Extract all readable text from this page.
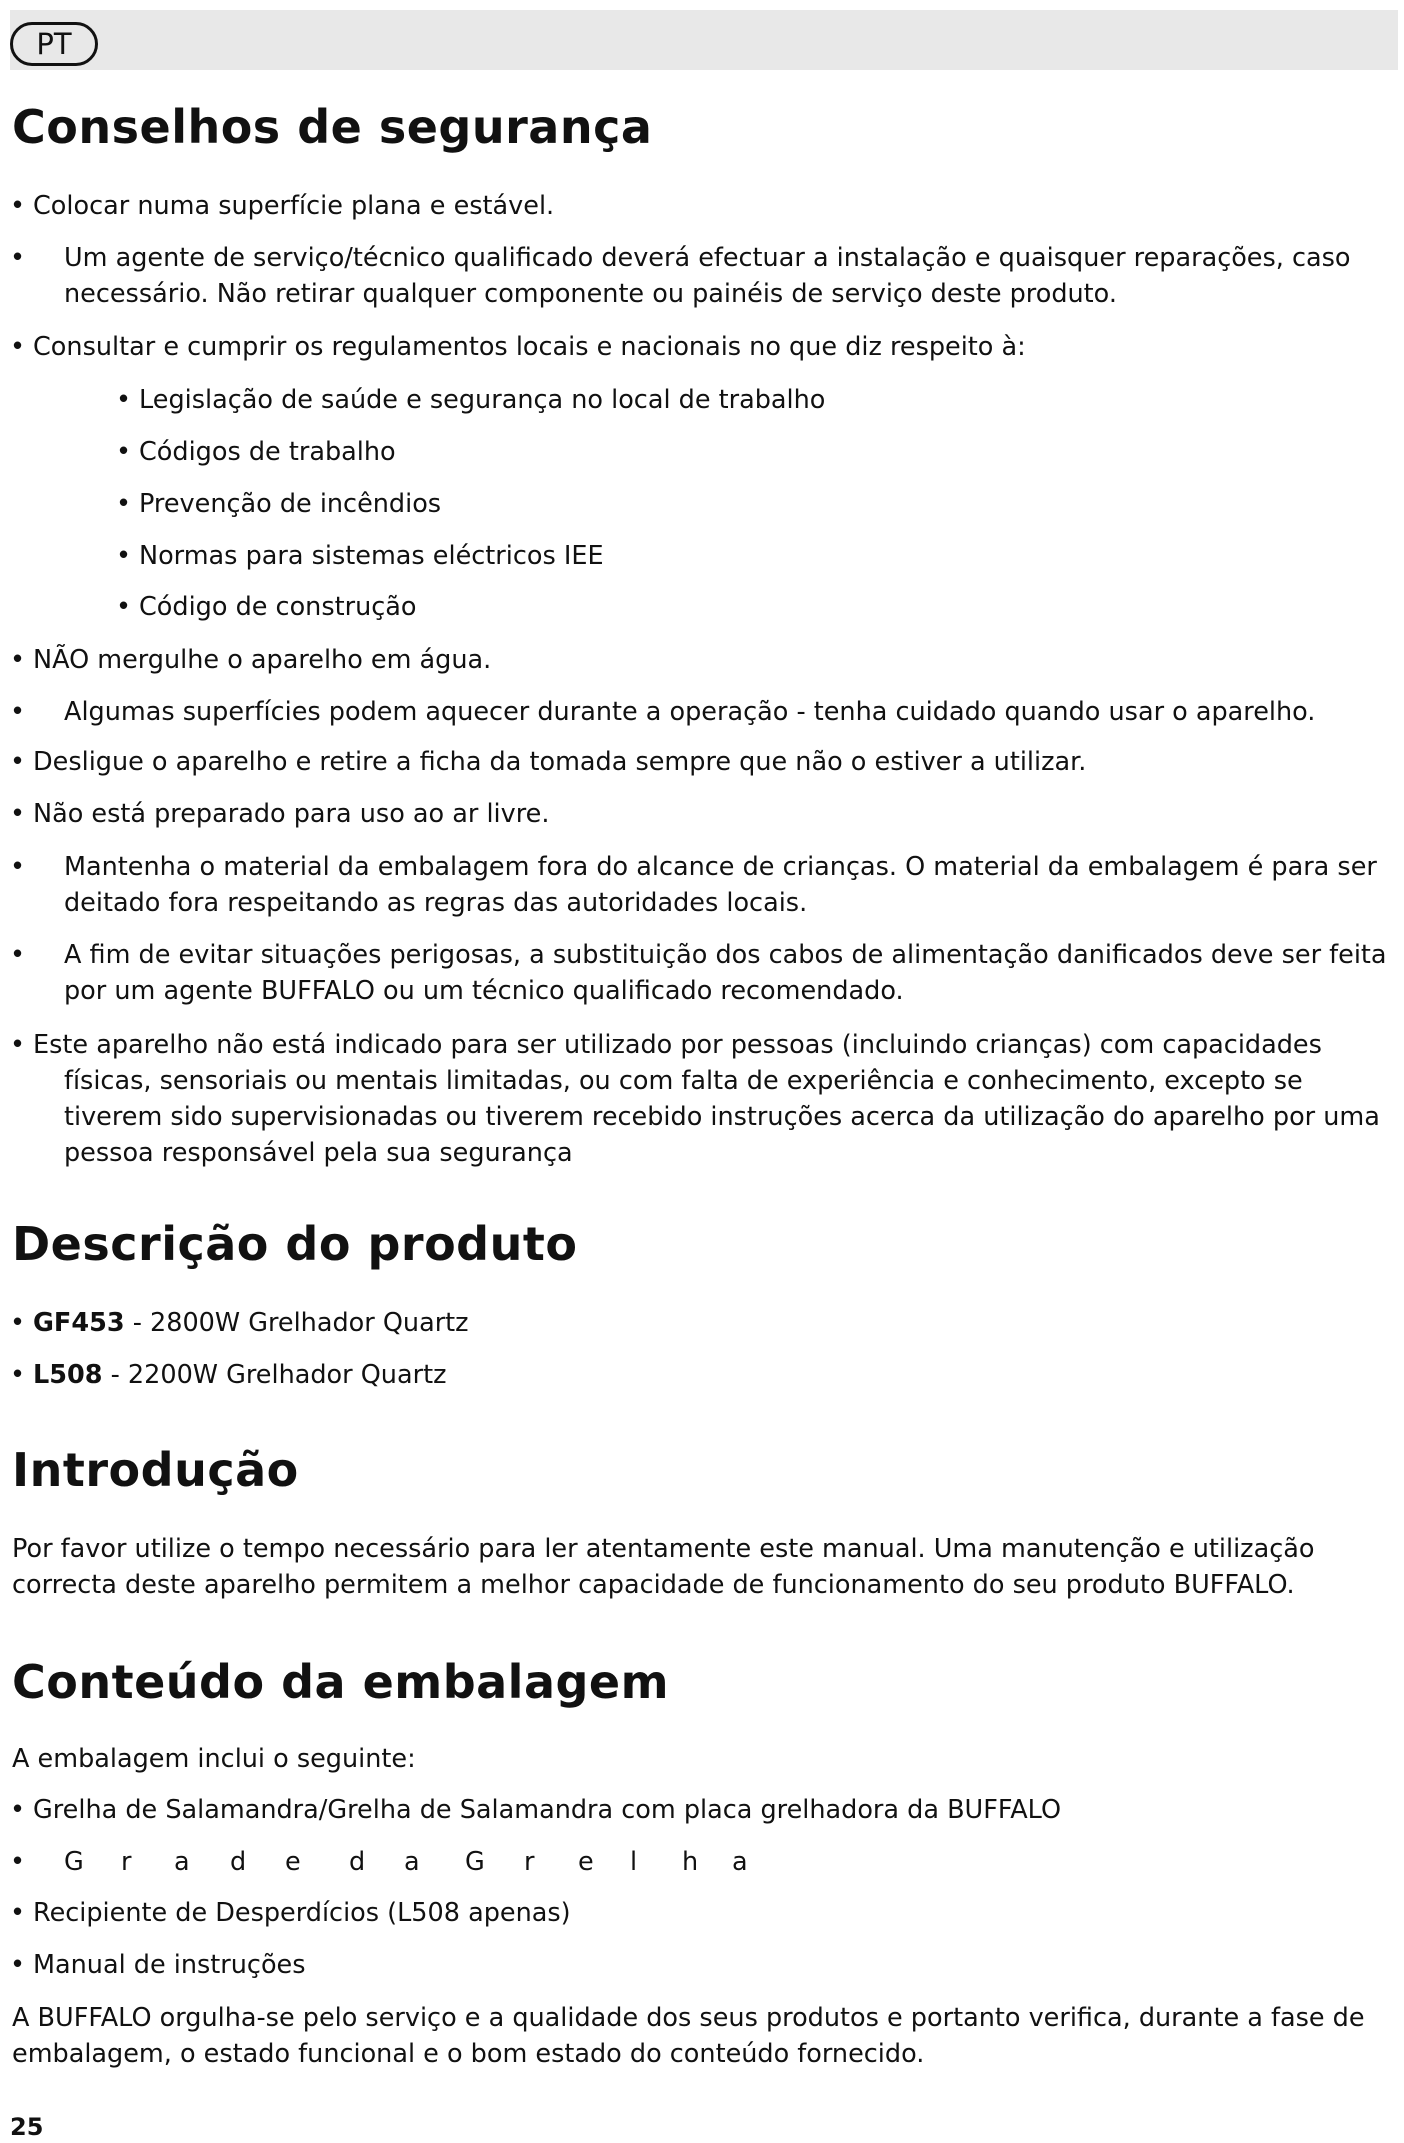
PT
Conselhos de segurança
• Colocar numa superfície plana e estável.
• Um agente de serviço/técnico qualificado deverá efectuar a instalação e quaisquer reparações, caso
necessário. Não retirar qualquer componente ou painéis de serviço deste produto.
• Consultar e cumprir os regulamentos locais e nacionais no que diz respeito à:
• Legislação de saúde e segurança no local de trabalho
• Códigos de trabalho
• Prevenção de incêndios
• Normas para sistemas eléctricos IEE
• Código de construção
• NÃO mergulhe o aparelho em água.
• Algumas superfícies podem aquecer durante a operação - tenha cuidado quando usar o aparelho.
• Desligue o aparelho e retire a ficha da tomada sempre que não o estiver a utilizar.
• Não está preparado para uso ao ar livre.
• Mantenha o material da embalagem fora do alcance de crianças. O material da embalagem é para ser
deitado fora respeitando as regras das autoridades locais.
• A fim de evitar situações perigosas, a substituição dos cabos de alimentação danificados deve ser feita
por um agente BUFFALO ou um técnico qualificado recomendado.
• Este aparelho não está indicado para ser utilizado por pessoas (incluindo crianças) com capacidades
físicas, sensoriais ou mentais limitadas, ou com falta de experiência e conhecimento, excepto se
tiverem sido supervisionadas ou tiverem recebido instruções acerca da utilização do aparelho por uma
pessoa responsável pela sua segurança
Descrição do produto
• GF453 - 2800W Grelhador Quartz
• L508 - 2200W Grelhador Quartz
Introdução
Por favor utilize o tempo necessário para ler atentamente este manual. Uma manutenção e utilização
correcta deste aparelho permitem a melhor capacidade de funcionamento do seu produto BUFFALO.
Conteúdo da embalagem
A embalagem inclui o seguinte:
• Grelha de Salamandra/Grelha de Salamandra com placa grelhadora da BUFFALO
• G r a d e d a G r e l h a
• Recipiente de Desperdícios (L508 apenas)
• Manual de instruções
A BUFFALO orgulha-se pelo serviço e a qualidade dos seus produtos e portanto verifica, durante a fase de
embalagem, o estado funcional e o bom estado do conteúdo fornecido.
25
